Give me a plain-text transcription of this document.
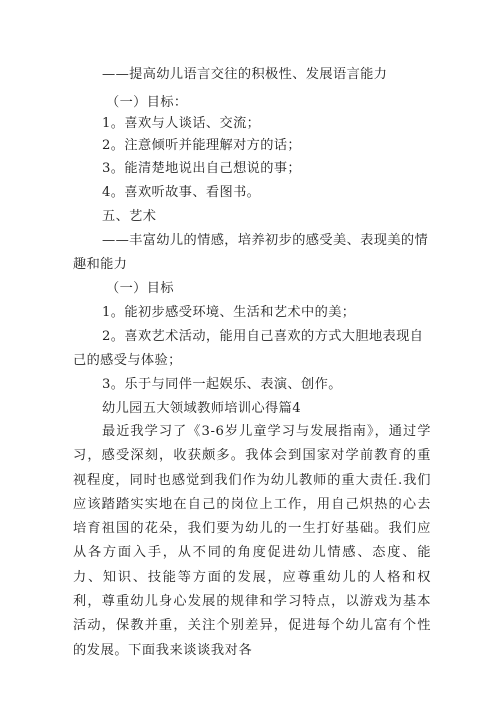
——提高幼儿语言交往的积极性、发展语言能力
（一）目标：
1。喜欢与人谈话、交流；
2。注意倾听并能理解对方的话；
3。能清楚地说出自己想说的事；
4。喜欢听故事、看图书。
五、艺术
——丰富幼儿的情感，培养初步的感受美、表现美的情
趣和能力
（一）目标
1。能初步感受环境、生活和艺术中的美；
2。喜欢艺术活动，能用自己喜欢的方式大胆地表现自
己的感受与体验；
3。乐于与同伴一起娱乐、表演、创作。
幼儿园五大领域教师培训心得篇4
最近我学习了《3-6岁儿童学习与发展指南》，通过学习，感受深刻，收获颇多。我体会到国家对学前教育的重视程度，同时也感觉到我们作为幼儿教师的重大责任.我们应该踏踏实实地在自己的岗位上工作，用自己炽热的心去培育祖国的花朵，我们要为幼儿的一生打好基础。我们应从各方面入手，从不同的角度促进幼儿情感、态度、能力、知识、技能等方面的发展，应尊重幼儿的人格和权利，尊重幼儿身心发展的规律和学习特点，以游戏为基本活动，保教并重，关注个别差异，促进每个幼儿富有个性的发展。下面我来谈谈我对各
